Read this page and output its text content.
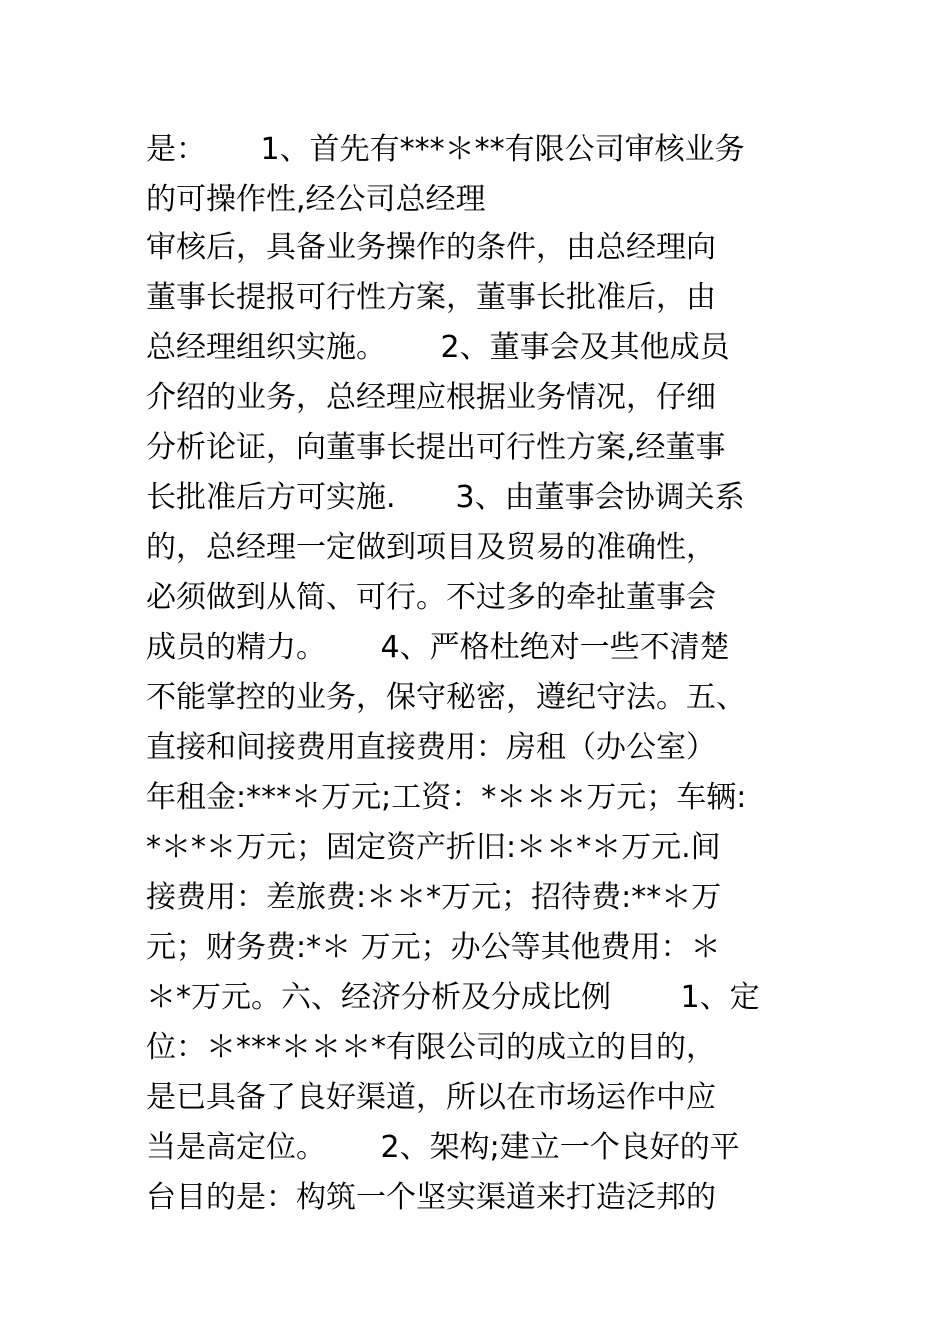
是：　　 1、首先有***＊**有限公司审核业务
的可操作性,经公司总经理
审核后，具备业务操作的条件，由总经理向
董事长提报可行性方案，董事长批准后，由
总经理组织实施。　　 2、董事会及其他成员
介绍的业务，总经理应根据业务情况，仔细
分析论证，向董事长提出可行性方案,经董事
长批准后方可实施.　　3、由董事会协调关系
的，总经理一定做到项目及贸易的准确性，
必须做到从简、可行。不过多的牵扯董事会
成员的精力。　　 4、严格杜绝对一些不清楚
不能掌控的业务，保守秘密，遵纪守法。五、
直接和间接费用直接费用：房租（办公室）
年租金:***＊万元;工资：*＊＊＊万元；车辆:
*＊*＊万元；固定资产折旧:＊＊*＊万元.间
接费用：差旅费:＊＊*万元；招待费:**＊万
元；财务费:*＊ 万元；办公等其他费用：＊
＊*万元。六、经济分析及分成比例　　 1、定
位：＊***＊＊＊*有限公司的成立的目的，
是已具备了良好渠道，所以在市场运作中应
当是高定位。　　 2、架构;建立一个良好的平
台目的是：构筑一个坚实渠道来打造泛邦的
